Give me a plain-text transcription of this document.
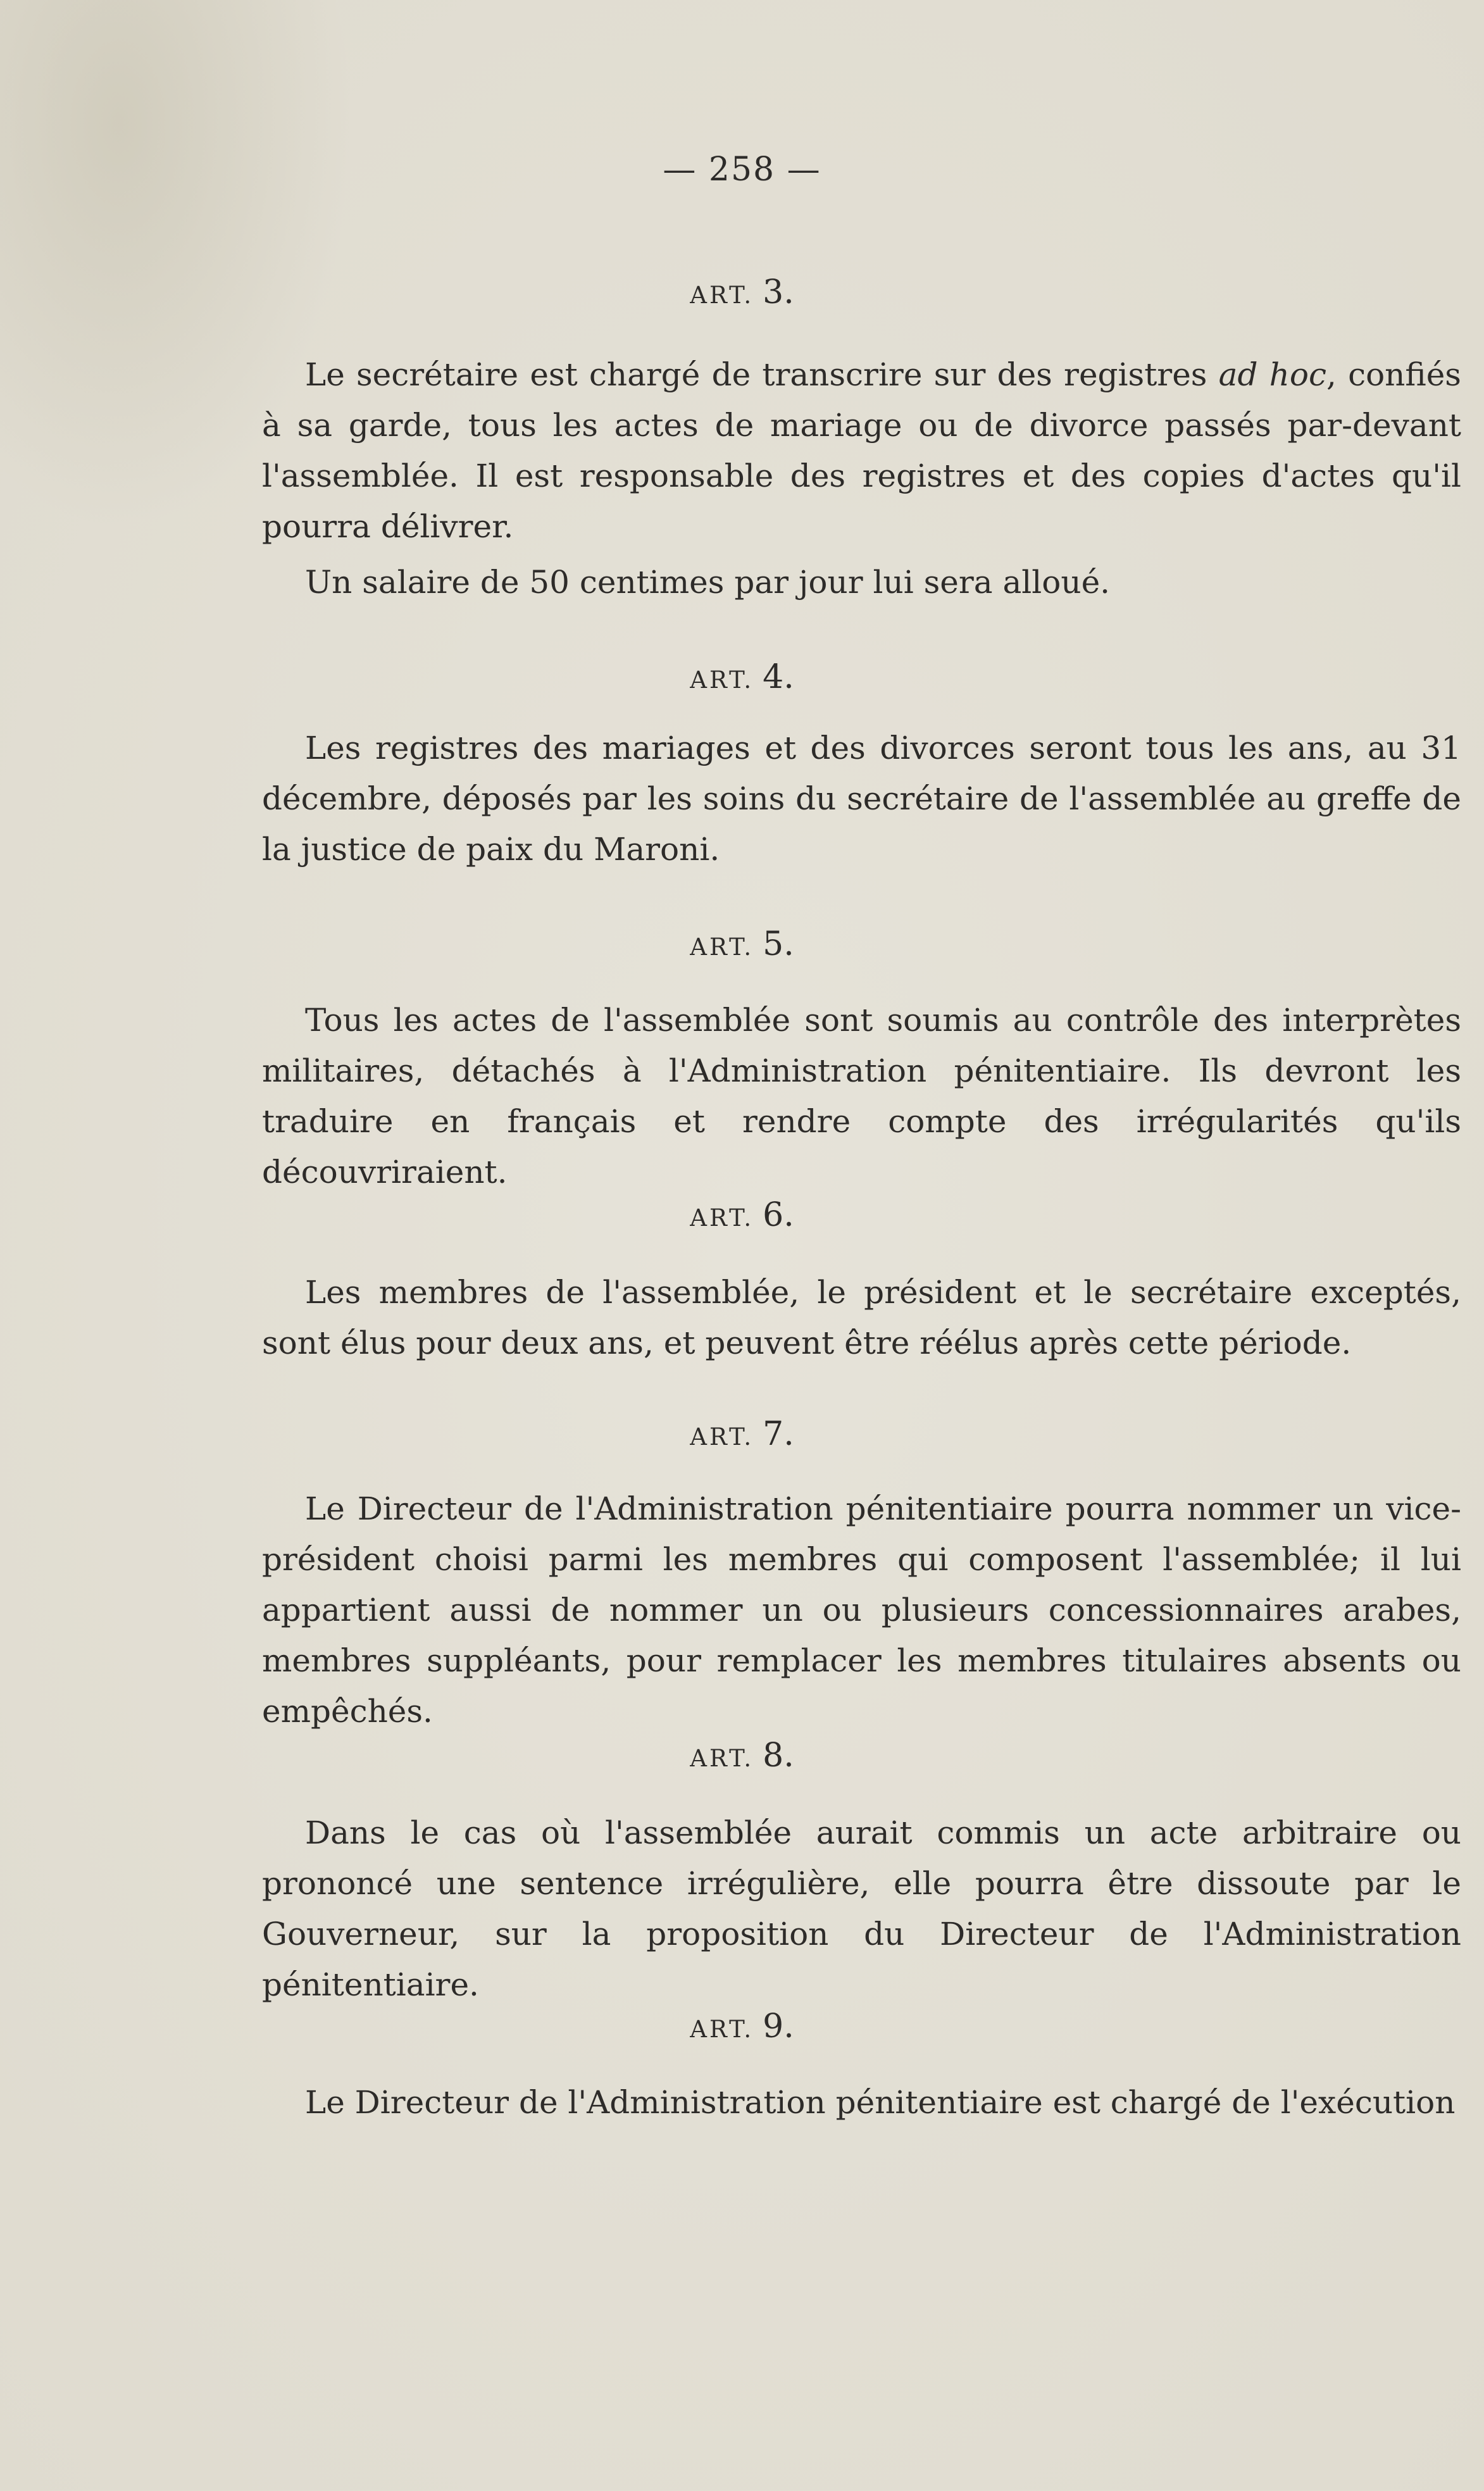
— 258 —
ART. 3.

Le secrétaire est chargé de transcrire sur des registres ad hoc, confiés à sa garde, tous les actes de mariage ou de divorce passés par-devant l'assemblée. Il est responsable des registres et des copies d'actes qu'il pourra délivrer.

Un salaire de 50 centimes par jour lui sera alloué.

ART. 4.

Les registres des mariages et des divorces seront tous les ans, au 31 décembre, déposés par les soins du secrétaire de l'assemblée au greffe de la justice de paix du Maroni.

ART. 5.

Tous les actes de l'assemblée sont soumis au contrôle des interprètes militaires, détachés à l'Administration pénitentiaire. Ils devront les traduire en français et rendre compte des irrégularités qu'ils découvriraient.

ART. 6.

Les membres de l'assemblée, le président et le secrétaire exceptés, sont élus pour deux ans, et peuvent être réélus après cette période.

ART. 7.

Le Directeur de l'Administration pénitentiaire pourra nommer un vice-président choisi parmi les membres qui composent l'assemblée; il lui appartient aussi de nommer un ou plusieurs concessionnaires arabes, membres suppléants, pour remplacer les membres titulaires absents ou empêchés.

ART. 8.

Dans le cas où l'assemblée aurait commis un acte arbitraire ou prononcé une sentence irrégulière, elle pourra être dissoute par le Gouverneur, sur la proposition du Directeur de l'Administration pénitentiaire.

ART. 9.

Le Directeur de l'Administration pénitentiaire est chargé de l'exécution
